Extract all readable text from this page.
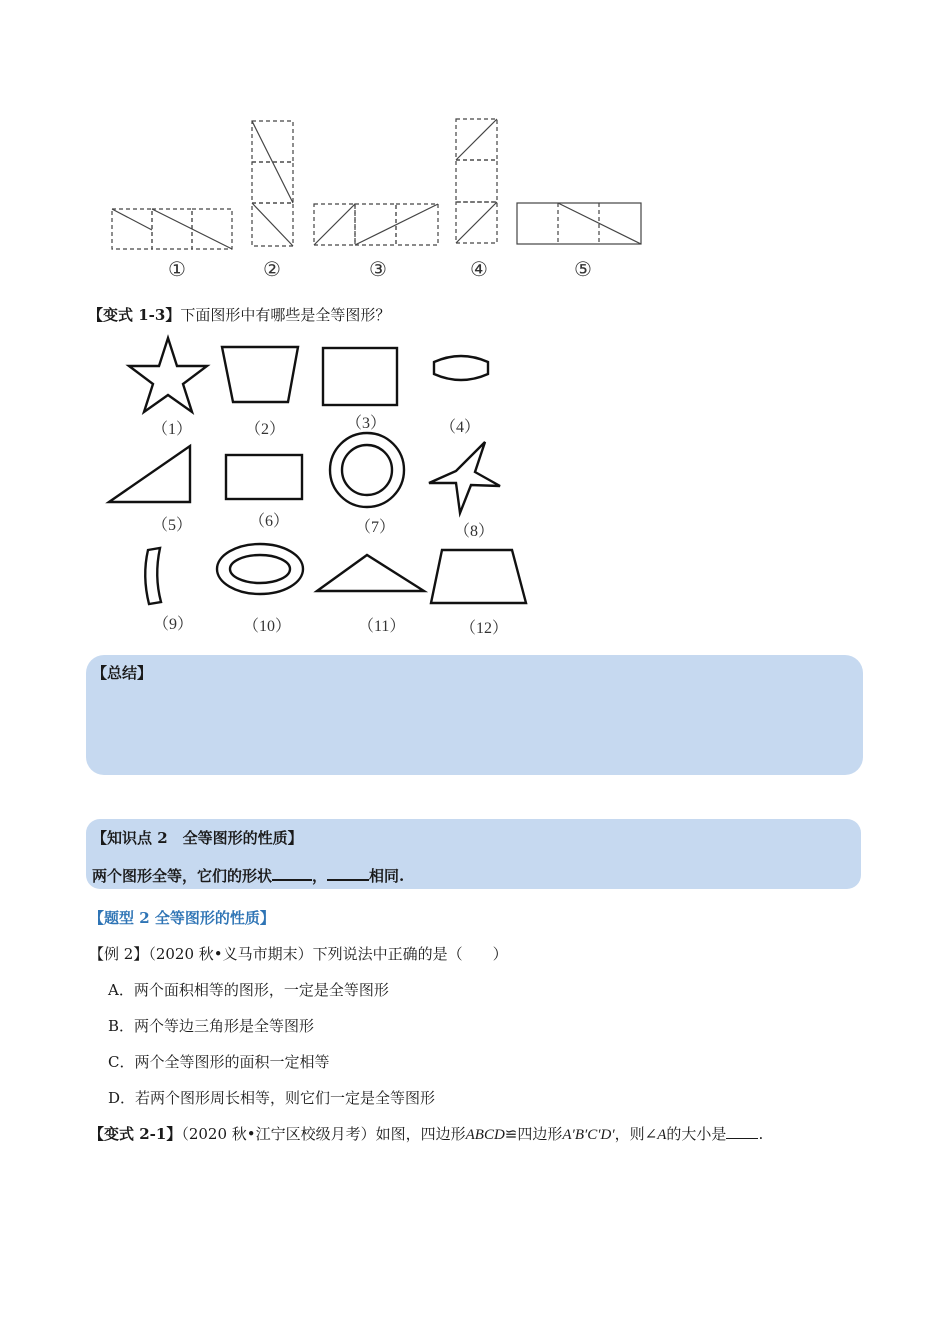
①	②	③	④	⑤
【变式 1-3】下面图形中有哪些是全等图形？
（1）	（2）	（3）	（4）
（5）	（6）	（7）	（8）
（9）	（10）	（11）	（12）
【总结】
【知识点 2　全等图形的性质】
两个图形全等，它们的形状	，	相同.
【题型 2 全等图形的性质】
【例 2】（2020 秋•义马市期末）下列说法中正确的是（　　）
A．两个面积相等的图形，一定是全等图形
B．两个等边三角形是全等图形
C．两个全等图形的面积一定相等
D．若两个图形周长相等，则它们一定是全等图形
【变式 2-1】（2020 秋•江宁区校级月考）如图，四边形ABCD≌四边形A′B′C′D′，则∠A的大小是 .
